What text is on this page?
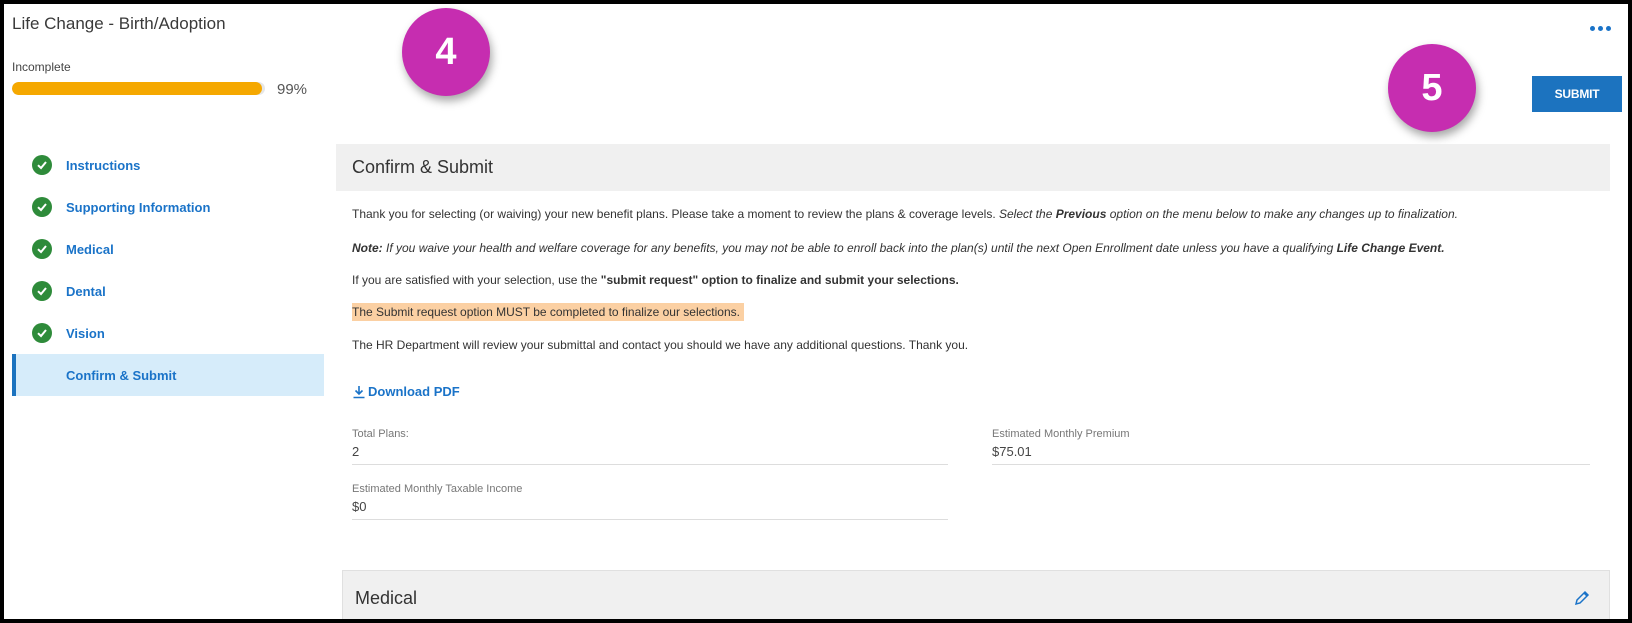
Life Change - Birth/Adoption
Incomplete
99%
4
5	SUBMIT
Instructions
Supporting Information
Medical
Dental
Vision
Confirm & Submit
Confirm & Submit
Thank you for selecting (or waiving) your new benefit plans. Please take a moment to review the plans & coverage levels. Select the Previous option on the menu below to make any changes up to finalization.
Note: If you waive your health and welfare coverage for any benefits, you may not be able to enroll back into the plan(s) until the next Open Enrollment date unless you have a qualifying Life Change Event.
If you are satisfied with your selection, use the "submit request" option to finalize and submit your selections.
The Submit request option MUST be completed to finalize our selections.
The HR Department will review your submittal and contact you should we have any additional questions. Thank you.
Download PDF
Total Plans:
2
Estimated Monthly Premium
$75.01
Estimated Monthly Taxable Income
$0
Medical
